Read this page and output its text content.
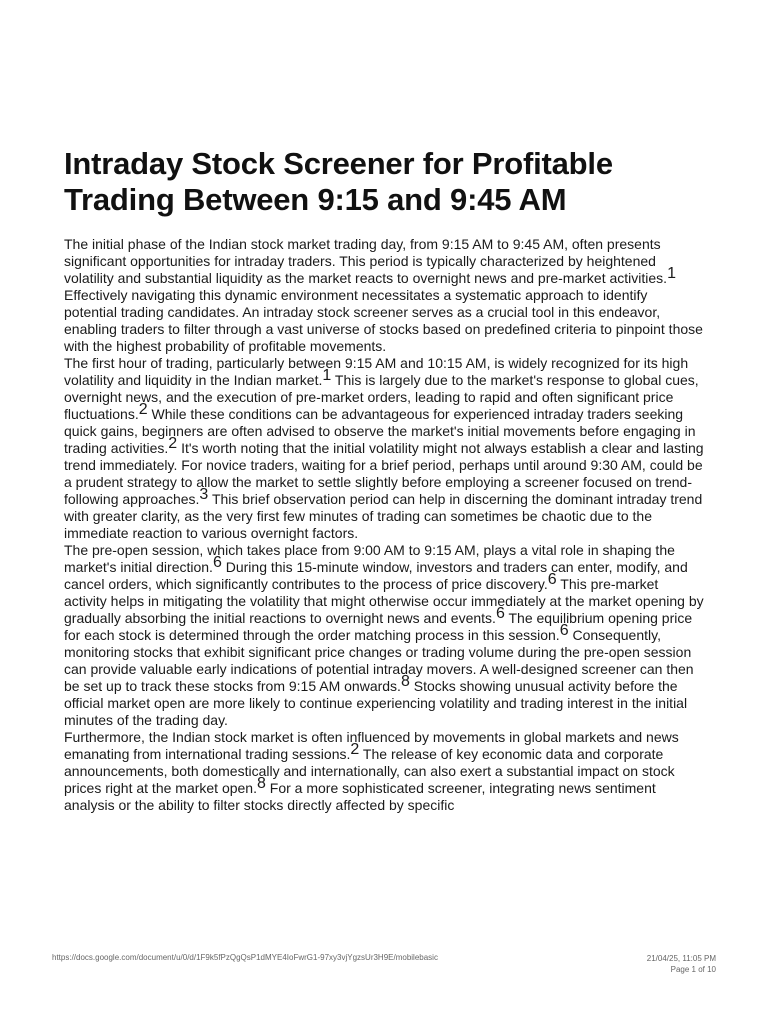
Intraday Stock Screener for Profitable Trading Between 9:15 and 9:45 AM

The initial phase of the Indian stock market trading day, from 9:15 AM to 9:45 AM, often presents significant opportunities for intraday traders. This period is typically characterized by heightened volatility and substantial liquidity as the market reacts to overnight news and pre-market activities.$^1$ Effectively navigating this dynamic environment necessitates a systematic approach to identify potential trading candidates. An intraday stock screener serves as a crucial tool in this endeavor, enabling traders to filter through a vast universe of stocks based on predefined criteria to pinpoint those with the highest probability of profitable movements.

The first hour of trading, particularly between 9:15 AM and 10:15 AM, is widely recognized for its high volatility and liquidity in the Indian market.$^1$ This is largely due to the market's response to global cues, overnight news, and the execution of pre-market orders, leading to rapid and often significant price fluctuations.$^2$ While these conditions can be advantageous for experienced intraday traders seeking quick gains, beginners are often advised to observe the market's initial movements before engaging in trading activities.$^2$ It's worth noting that the initial volatility might not always establish a clear and lasting trend immediately. For novice traders, waiting for a brief period, perhaps until around 9:30 AM, could be a prudent strategy to allow the market to settle slightly before employing a screener focused on trend-following approaches.$^3$ This brief observation period can help in discerning the dominant intraday trend with greater clarity, as the very first few minutes of trading can sometimes be chaotic due to the immediate reaction to various overnight factors.

The pre-open session, which takes place from 9:00 AM to 9:15 AM, plays a vital role in shaping the market's initial direction.$^6$ During this 15-minute window, investors and traders can enter, modify, and cancel orders, which significantly contributes to the process of price discovery.$^6$ This pre-market activity helps in mitigating the volatility that might otherwise occur immediately at the market opening by gradually absorbing the initial reactions to overnight news and events.$^6$ The equilibrium opening price for each stock is determined through the order matching process in this session.$^6$ Consequently, monitoring stocks that exhibit significant price changes or trading volume during the pre-open session can provide valuable early indications of potential intraday movers. A well-designed screener can then be set up to track these stocks from 9:15 AM onwards.$^8$ Stocks showing unusual activity before the official market open are more likely to continue experiencing volatility and trading interest in the initial minutes of the trading day.

Furthermore, the Indian stock market is often influenced by movements in global markets and news emanating from international trading sessions.$^2$ The release of key economic data and corporate announcements, both domestically and internationally, can also exert a substantial impact on stock prices right at the market open.$^8$ For a more sophisticated screener, integrating news sentiment analysis or the ability to filter stocks directly affected by specific

https://docs.google.com/document/u/0/d/1F9k5fPzQgQsP1dMYE4IoFwrG1-97xy3vjYgzsUr3H9E/mobilebasic	21/04/25, 11:05 PM
Page 1 of 10
